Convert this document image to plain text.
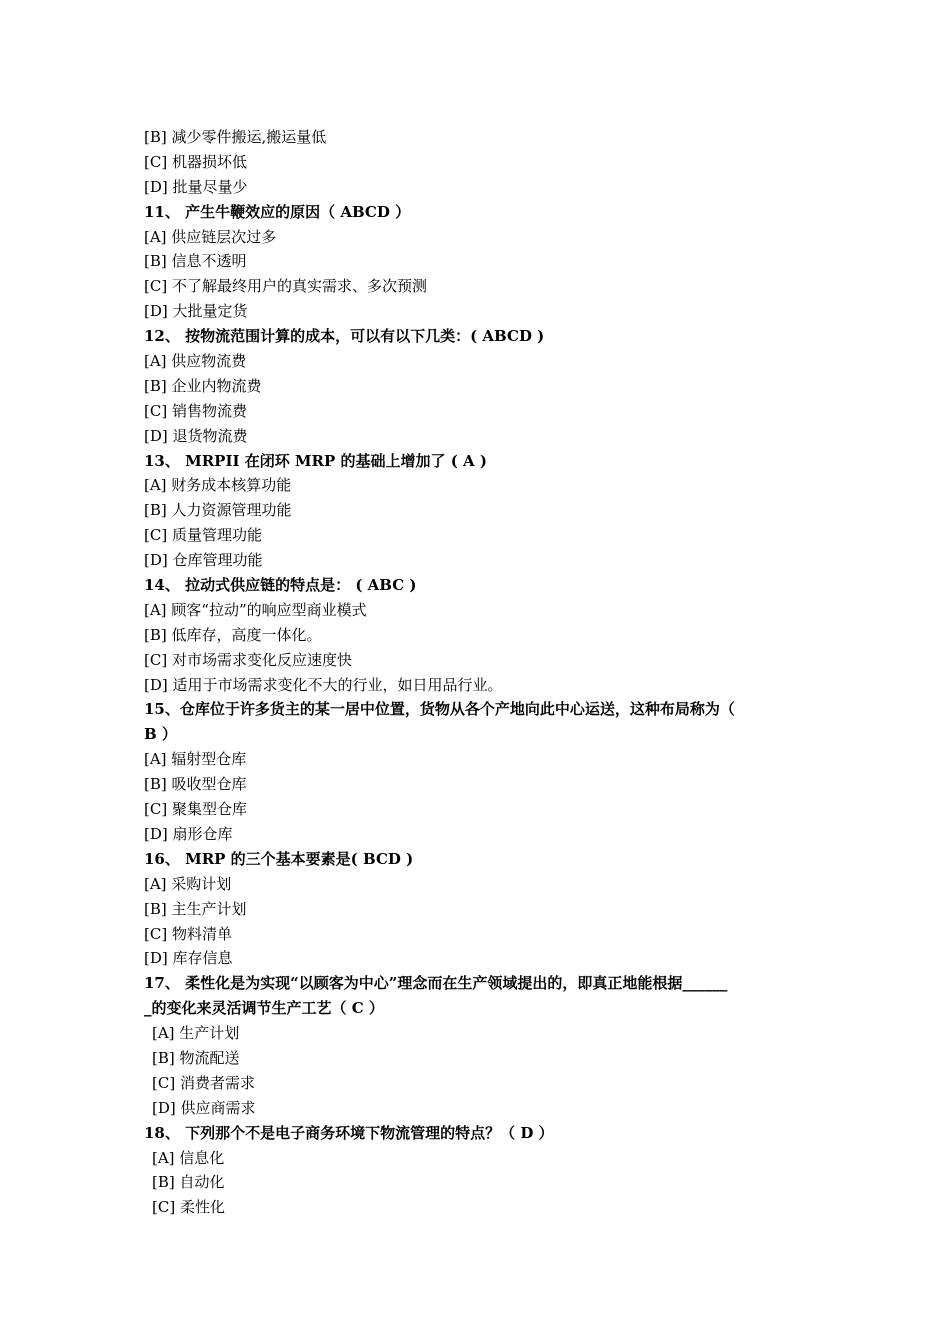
[B] 减少零件搬运,搬运量低
[C] 机器损坏低
[D] 批量尽量少
11、 产生牛鞭效应的原因（ ABCD ）
[A] 供应链层次过多
[B] 信息不透明
[C] 不了解最终用户的真实需求、多次预测
[D] 大批量定货
12、 按物流范围计算的成本，可以有以下几类：( ABCD )
[A] 供应物流费
[B] 企业内物流费
[C] 销售物流费
[D] 退货物流费
13、 MRPII 在闭环 MRP 的基础上增加了 ( A )
[A] 财务成本核算功能
[B] 人力资源管理功能
[C] 质量管理功能
[D] 仓库管理功能
14、 拉动式供应链的特点是： ( ABC )
[A] 顾客“拉动”的响应型商业模式
[B] 低库存，高度一体化。
[C] 对市场需求变化反应速度快
[D] 适用于市场需求变化不大的行业，如日用品行业。
15、仓库位于许多货主的某一居中位置，货物从各个产地向此中心运送，这种布局称为（
B ）
[A] 辐射型仓库
[B] 吸收型仓库
[C] 聚集型仓库
[D] 扇形仓库
16、 MRP 的三个基本要素是( BCD )
[A] 采购计划
[B] 主生产计划
[C] 物料清单
[D] 库存信息
17、 柔性化是为实现“以顾客为中心”理念而在生产领域提出的，即真正地能根据______
_的变化来灵活调节生产工艺（ C ）
[A] 生产计划
[B] 物流配送
[C] 消费者需求
[D] 供应商需求
18、 下列那个不是电子商务环境下物流管理的特点？（ D ）
[A] 信息化
[B] 自动化
[C] 柔性化
